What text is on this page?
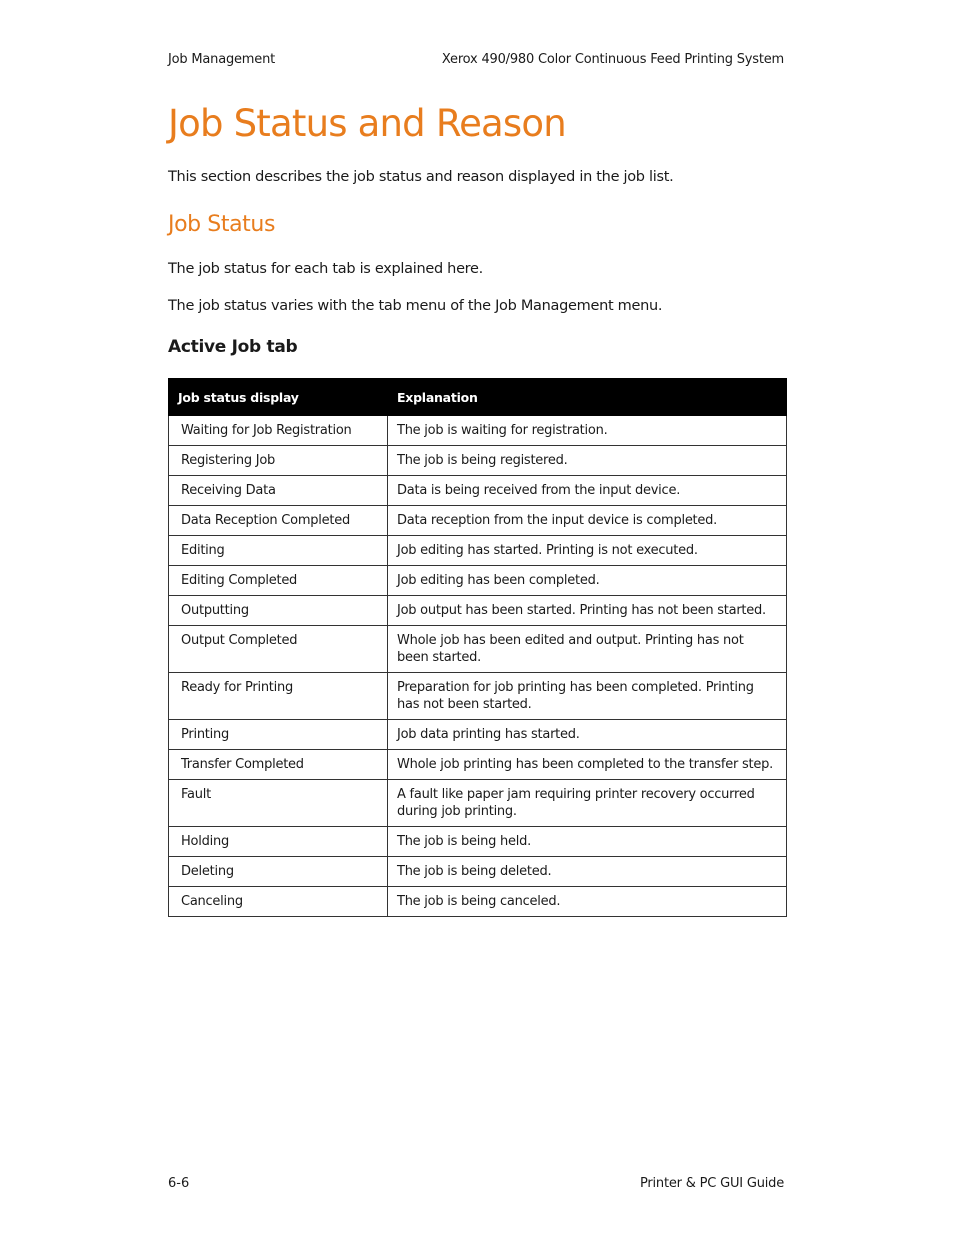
Job Management	Xerox 490/980 Color Continuous Feed Printing System
Job Status and Reason

This section describes the job status and reason displayed in the job list.

Job Status

The job status for each tab is explained here.

The job status varies with the tab menu of the Job Management menu.

Active Job tab
Job status display	Explanation
Waiting for Job Registration	The job is waiting for registration.
Registering Job	The job is being registered.
Receiving Data	Data is being received from the input device.
Data Reception Completed	Data reception from the input device is completed.
Editing	Job editing has started. Printing is not executed.
Editing Completed	Job editing has been completed.
Outputting	Job output has been started. Printing has not been started.
Output Completed	Whole job has been edited and output. Printing has not been started.
Ready for Printing	Preparation for job printing has been completed. Printing has not been started.
Printing	Job data printing has started.
Transfer Completed	Whole job printing has been completed to the transfer step.
Fault	A fault like paper jam requiring printer recovery occurred during job printing.
Holding	The job is being held.
Deleting	The job is being deleted.
Canceling	The job is being canceled.
6-6	Printer & PC GUI Guide
